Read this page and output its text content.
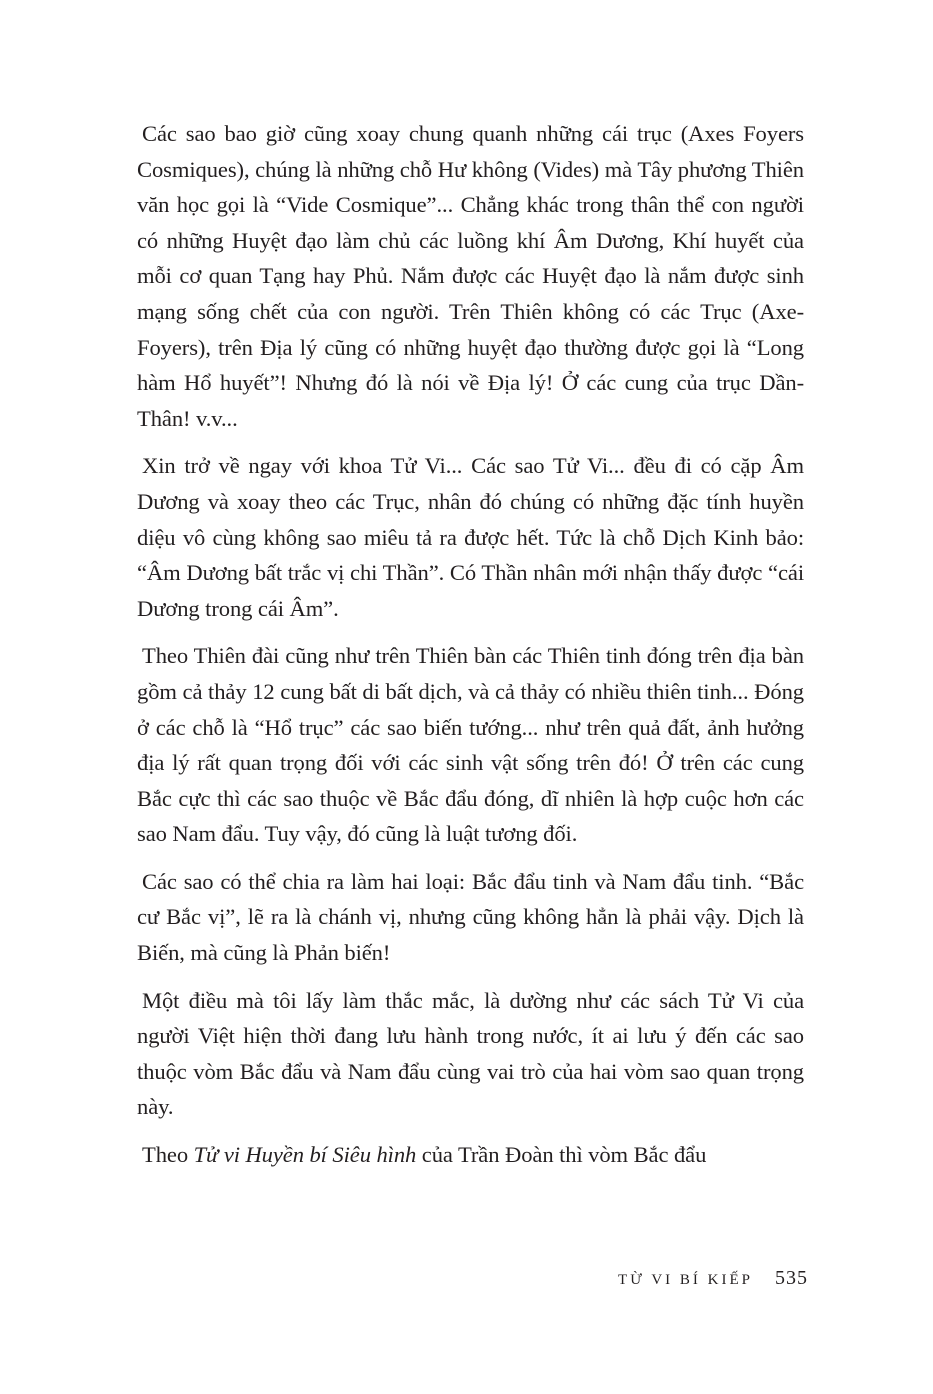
Các sao bao giờ cũng xoay chung quanh những cái trục (Axes Foyers Cosmiques), chúng là những chỗ Hư không (Vides) mà Tây phương Thiên văn học gọi là “Vide Cosmique”... Chẳng khác trong thân thể con người có những Huyệt đạo làm chủ các luồng khí Âm Dương, Khí huyết của mỗi cơ quan Tạng hay Phủ. Nắm được các Huyệt đạo là nắm được sinh mạng sống chết của con người. Trên Thiên không có các Trục (Axe-Foyers), trên Địa lý cũng có những huyệt đạo thường được gọi là “Long hàm Hổ huyết”! Nhưng đó là nói về Địa lý! Ở các cung của trục Dần-Thân! v.v...

Xin trở về ngay với khoa Tử Vi... Các sao Tử Vi... đều đi có cặp Âm Dương và xoay theo các Trục, nhân đó chúng có những đặc tính huyền diệu vô cùng không sao miêu tả ra được hết. Tức là chỗ Dịch Kinh bảo: “Âm Dương bất trắc vị chi Thần”. Có Thần nhân mới nhận thấy được “cái Dương trong cái Âm”.

Theo Thiên đài cũng như trên Thiên bàn các Thiên tinh đóng trên địa bàn gồm cả thảy 12 cung bất di bất dịch, và cả thảy có nhiều thiên tinh... Đóng ở các chỗ là “Hổ trục” các sao biến tướng... như trên quả đất, ảnh hưởng địa lý rất quan trọng đối với các sinh vật sống trên đó! Ở trên các cung Bắc cực thì các sao thuộc về Bắc đẩu đóng, dĩ nhiên là hợp cuộc hơn các sao Nam đẩu. Tuy vậy, đó cũng là luật tương đối.

Các sao có thể chia ra làm hai loại: Bắc đẩu tinh và Nam đẩu tinh. “Bắc cư Bắc vị”, lẽ ra là chánh vị, nhưng cũng không hẳn là phải vậy. Dịch là Biến, mà cũng là Phản biến!

Một điều mà tôi lấy làm thắc mắc, là dường như các sách Tử Vi của người Việt hiện thời đang lưu hành trong nước, ít ai lưu ý đến các sao thuộc vòm Bắc đẩu và Nam đẩu cùng vai trò của hai vòm sao quan trọng này.

Theo Tử vi Huyền bí Siêu hình của Trần Đoàn thì vòm Bắc đẩu

TỪ VI BÍ KIẾP 535
